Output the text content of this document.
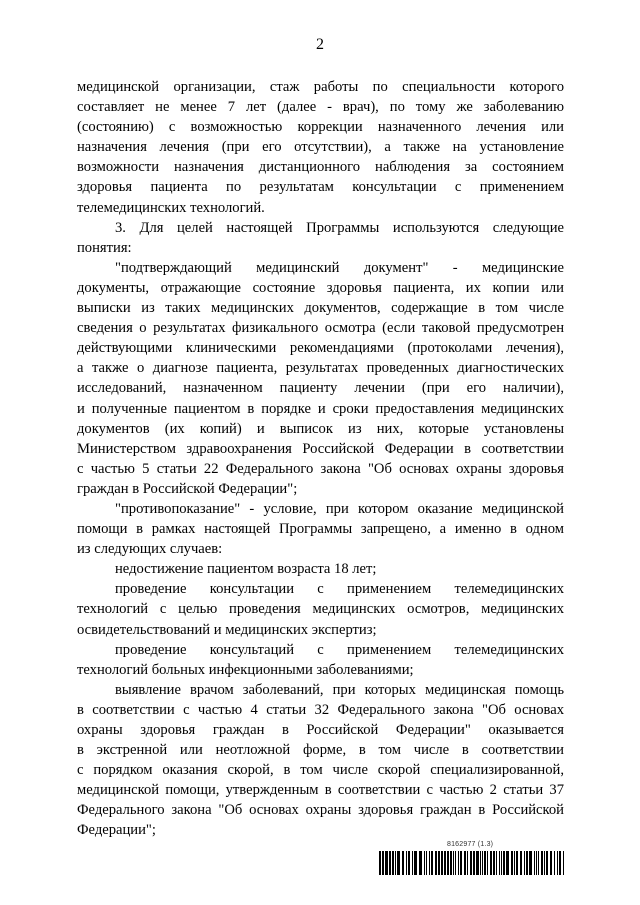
2
медицинской организации, стаж работы по специальности которого
составляет не менее 7 лет (далее - врач), по тому же заболеванию
(состоянию) с возможностью коррекции назначенного лечения или
назначения лечения (при его отсутствии), а также на установление
возможности назначения дистанционного наблюдения за состоянием
здоровья пациента по результатам консультации с применением
телемедицинских технологий.
3. Для целей настоящей Программы используются следующие
понятия:
"подтверждающий медицинский документ" - медицинские
документы, отражающие состояние здоровья пациента, их копии или
выписки из таких медицинских документов, содержащие в том числе
сведения о результатах физикального осмотра (если таковой предусмотрен
действующими клиническими рекомендациями (протоколами лечения),
а также о диагнозе пациента, результатах проведенных диагностических
исследований, назначенном пациенту лечении (при его наличии),
и полученные пациентом в порядке и сроки предоставления медицинских
документов (их копий) и выписок из них, которые установлены
Министерством здравоохранения Российской Федерации в соответствии
с частью 5 статьи 22 Федерального закона "Об основах охраны здоровья
граждан в Российской Федерации";
"противопоказание" - условие, при котором оказание медицинской
помощи в рамках настоящей Программы запрещено, а именно в одном
из следующих случаев:
недостижение пациентом возраста 18 лет;
проведение консультации с применением телемедицинских
технологий с целью проведения медицинских осмотров, медицинских
освидетельствований и медицинских экспертиз;
проведение консультаций с применением телемедицинских
технологий больных инфекционными заболеваниями;
выявление врачом заболеваний, при которых медицинская помощь
в соответствии с частью 4 статьи 32 Федерального закона "Об основах
охраны здоровья граждан в Российской Федерации" оказывается
в экстренной или неотложной форме, в том числе в соответствии
с порядком оказания скорой, в том числе скорой специализированной,
медицинской помощи, утвержденным в соответствии с частью 2 статьи 37
Федерального закона "Об основах охраны здоровья граждан в Российской
Федерации";
8162977 (1.3)
